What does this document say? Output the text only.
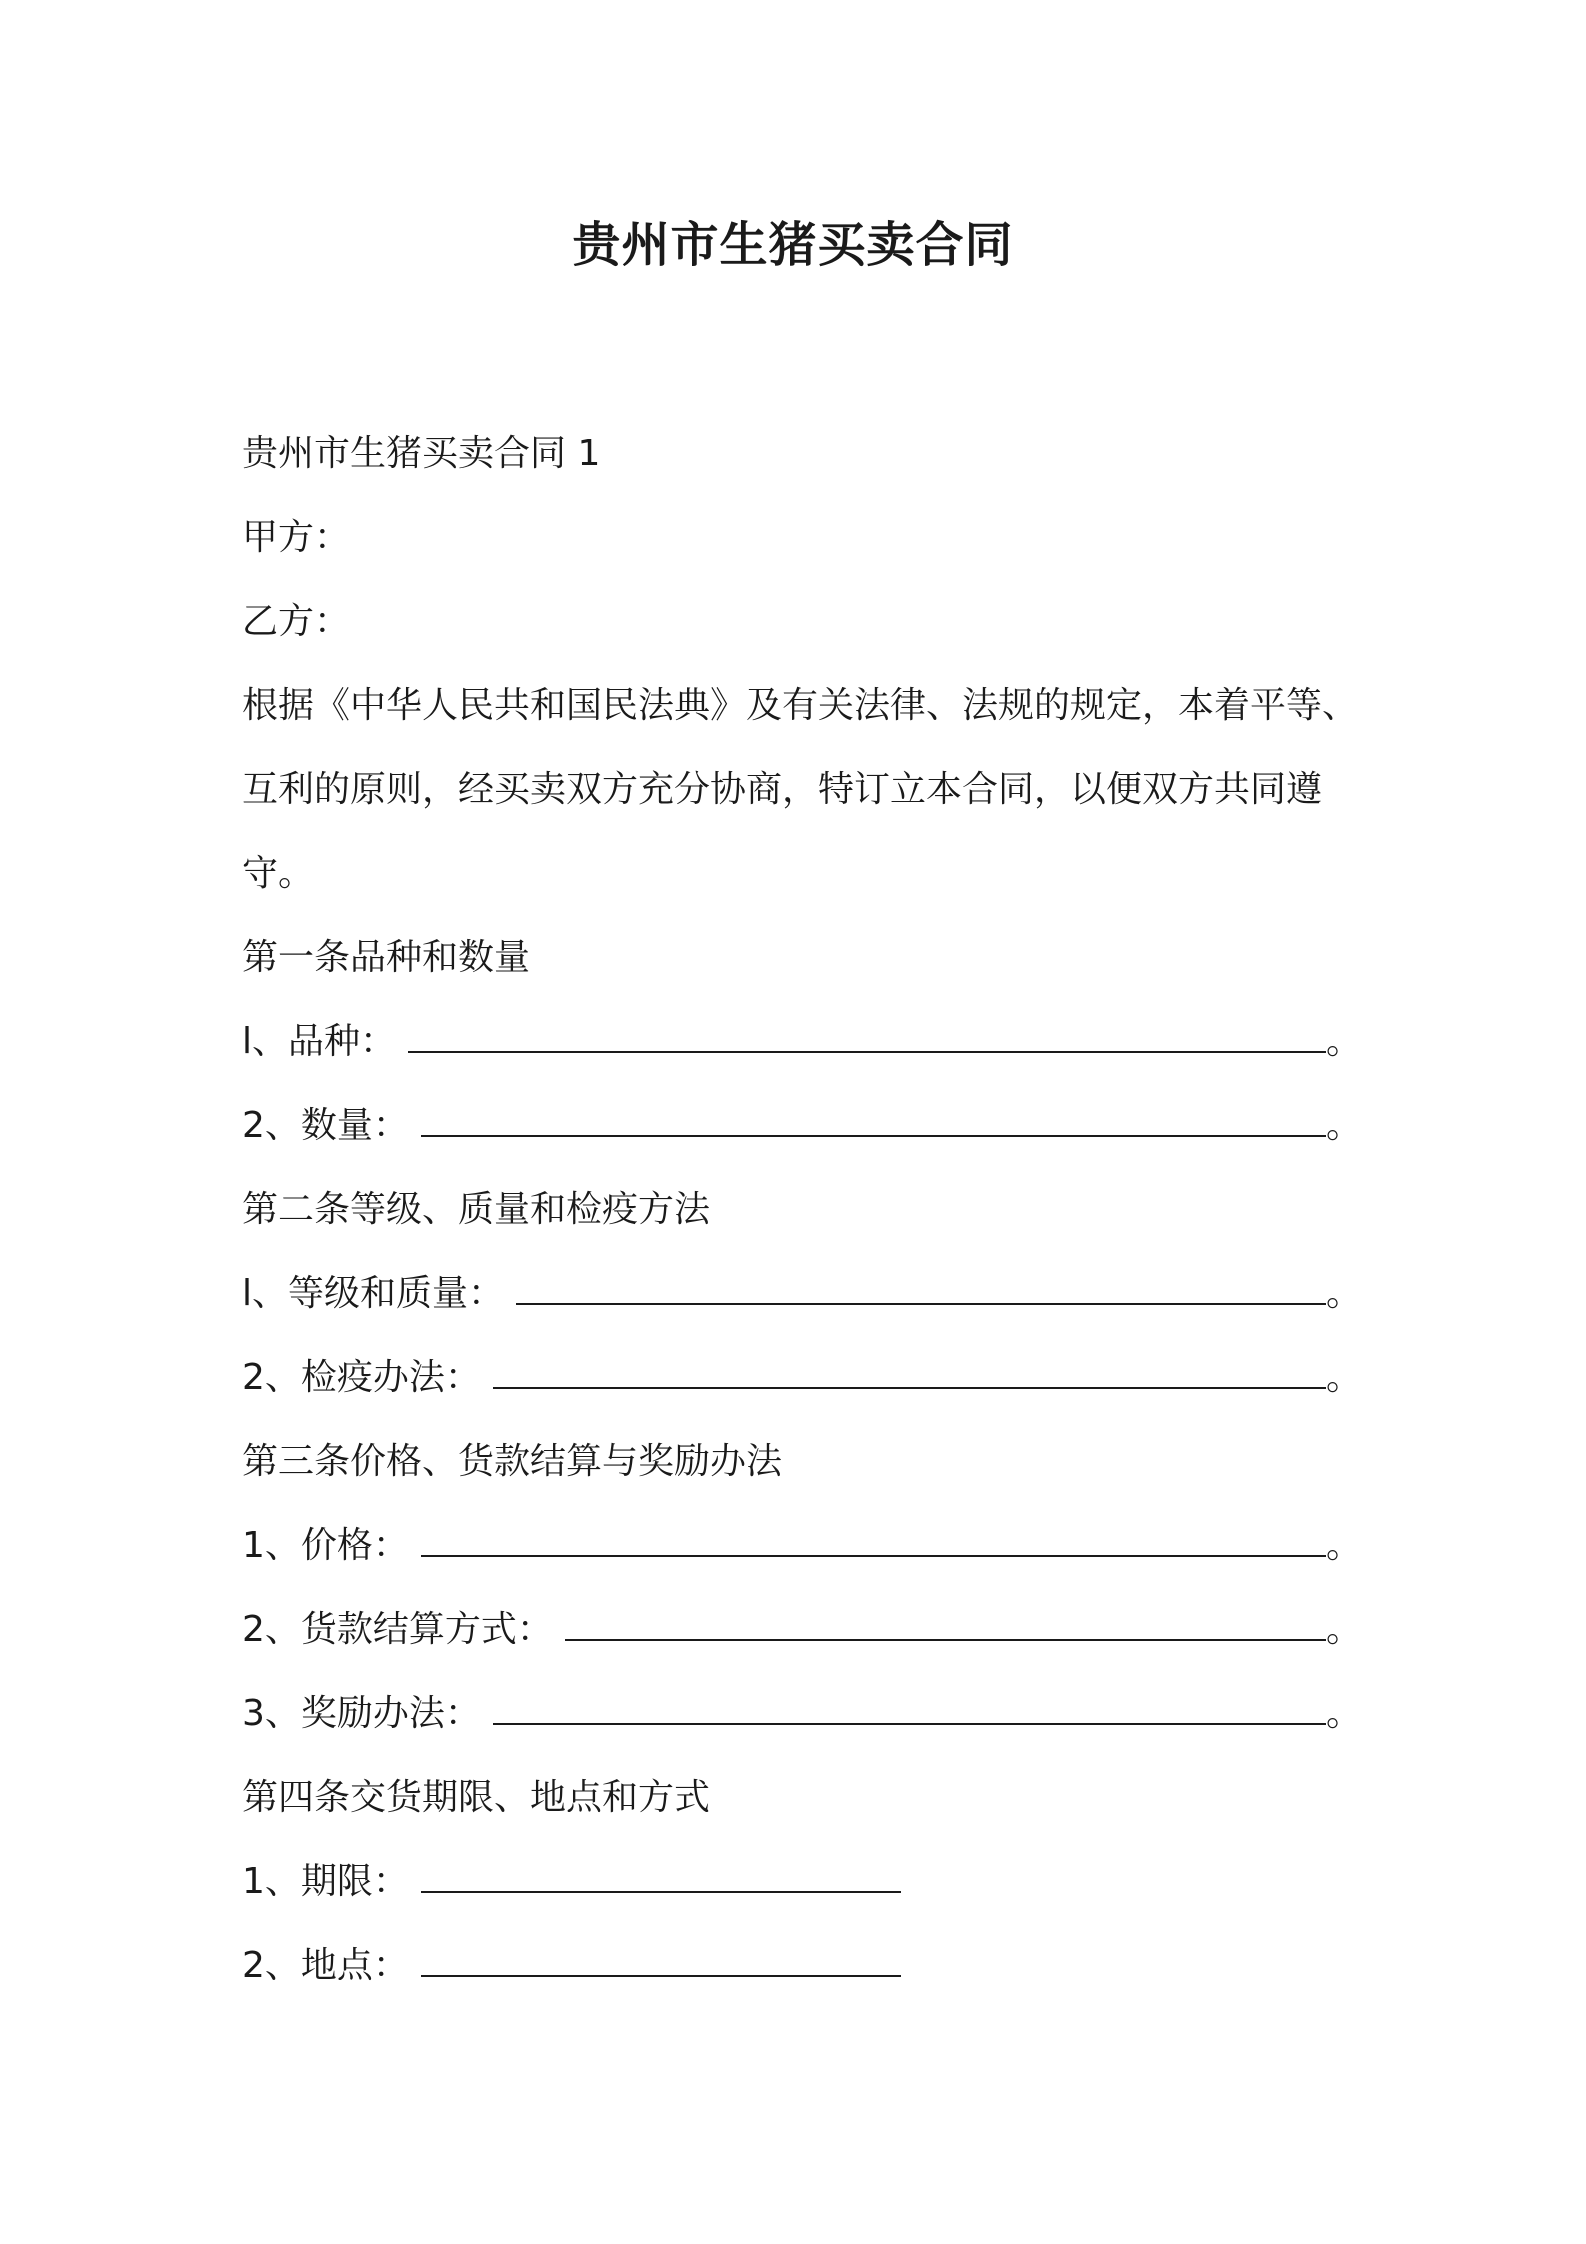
贵州市生猪买卖合同

贵州市生猪买卖合同 1

甲方：

乙方：

根据《中华人民共和国民法典》及有关法律、法规的规定，本着平等、

互利的原则，经买卖双方充分协商，特订立本合同，以便双方共同遵

守。

第一条品种和数量

l、品种：	。

2、数量：	。

第二条等级、质量和检疫方法

l、等级和质量：	。

2、检疫办法：	。

第三条价格、货款结算与奖励办法

1、价格：	。

2、货款结算方式：	。

3、奖励办法：	。

第四条交货期限、地点和方式

1、期限：

2、地点：
